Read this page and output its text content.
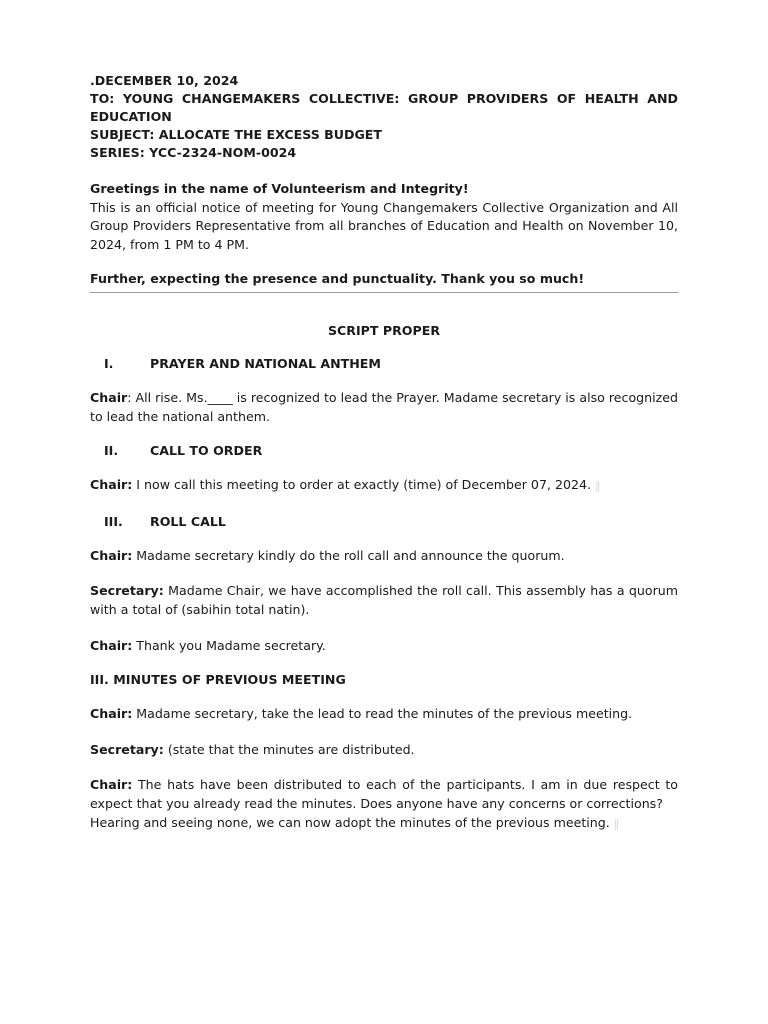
.DECEMBER 10, 2024
TO: YOUNG CHANGEMAKERS COLLECTIVE: GROUP PROVIDERS OF HEALTH AND
EDUCATION
SUBJECT: ALLOCATE THE EXCESS BUDGET
SERIES: YCC-2324-NOM-0024

Greetings in the name of Volunteerism and Integrity!

This is an official notice of meeting for Young Changemakers Collective Organization and All Group Providers Representative from all branches of Education and Health on November 10, 2024, from 1 PM to 4 PM.

Further, expecting the presence and punctuality. Thank you so much!

SCRIPT PROPER
I.	PRAYER AND NATIONAL ANTHEM

Chair: All rise. Ms.____ is recognized to lead the Prayer. Madame secretary is also recognized to lead the national anthem.

II.	CALL TO ORDER

Chair: I now call this meeting to order at exactly (time) of December 07, 2024. ‖

III. ROLL CALL

Chair: Madame secretary kindly do the roll call and announce the quorum.

Secretary: Madame Chair, we have accomplished the roll call. This assembly has a quorum with a total of (sabihin total natin).

Chair: Thank you Madame secretary.

III. MINUTES OF PREVIOUS MEETING

Chair: Madame secretary, take the lead to read the minutes of the previous meeting.

Secretary: (state that the minutes are distributed.

Chair: The hats have been distributed to each of the participants. I am in due respect to expect that you already read the minutes. Does anyone have any concerns or corrections?

Hearing and seeing none, we can now adopt the minutes of the previous meeting. ‖
